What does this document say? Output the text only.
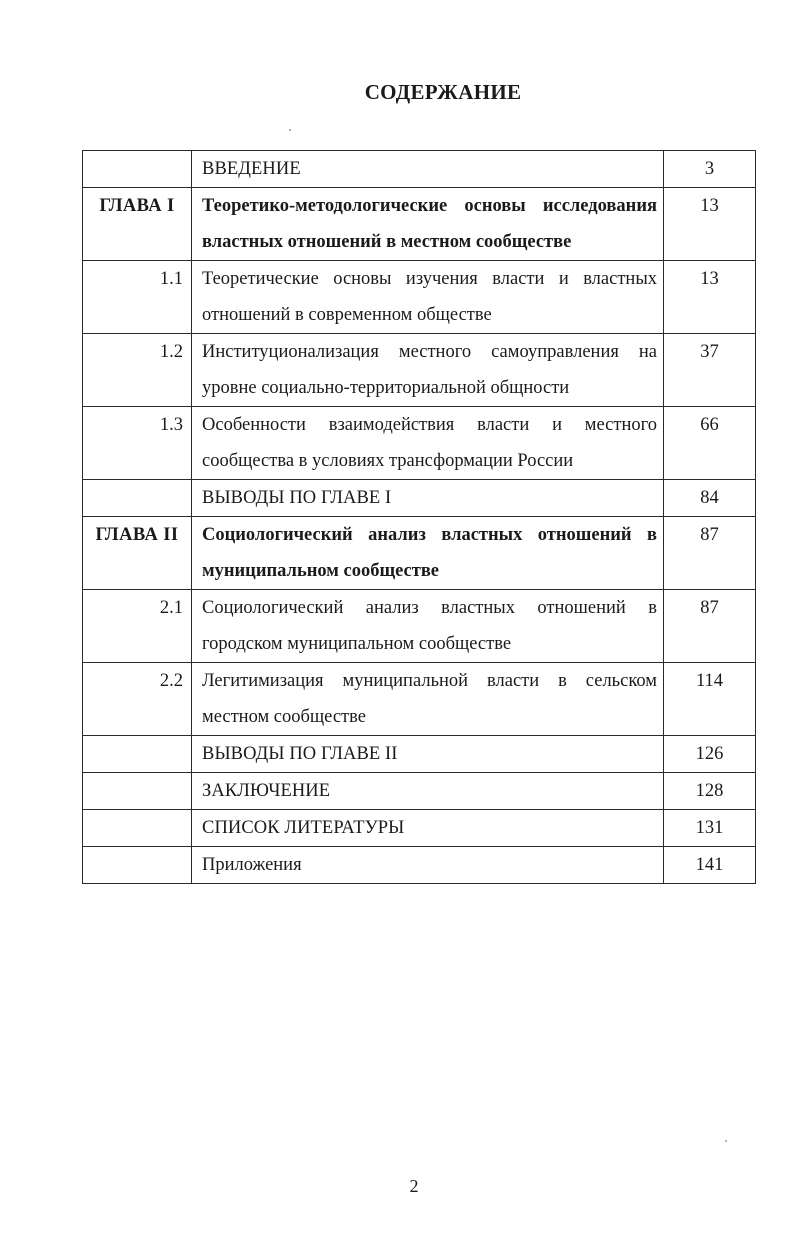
СОДЕРЖАНИЕ
	ВВЕДЕНИЕ	3
ГЛАВА I	Теоретико-методологические основы исследования властных отношений в местном сообществе	13
1.1	Теоретические основы изучения власти и властных отношений в современном обществе	13
1.2	Институционализация местного самоуправления на уровне социально-территориальной общности	37
1.3	Особенности взаимодействия власти и местного сообщества в условиях трансформации России	66
	ВЫВОДЫ ПО ГЛАВЕ I	84
ГЛАВА II	Социологический анализ властных отношений в муниципальном сообществе	87
2.1	Социологический анализ властных отношений в городском муниципальном сообществе	87
2.2	Легитимизация муниципальной власти в сельском местном сообществе	114
	ВЫВОДЫ ПО ГЛАВЕ II	126
	ЗАКЛЮЧЕНИЕ	128
	СПИСОК ЛИТЕРАТУРЫ	131
	Приложения	141
2
